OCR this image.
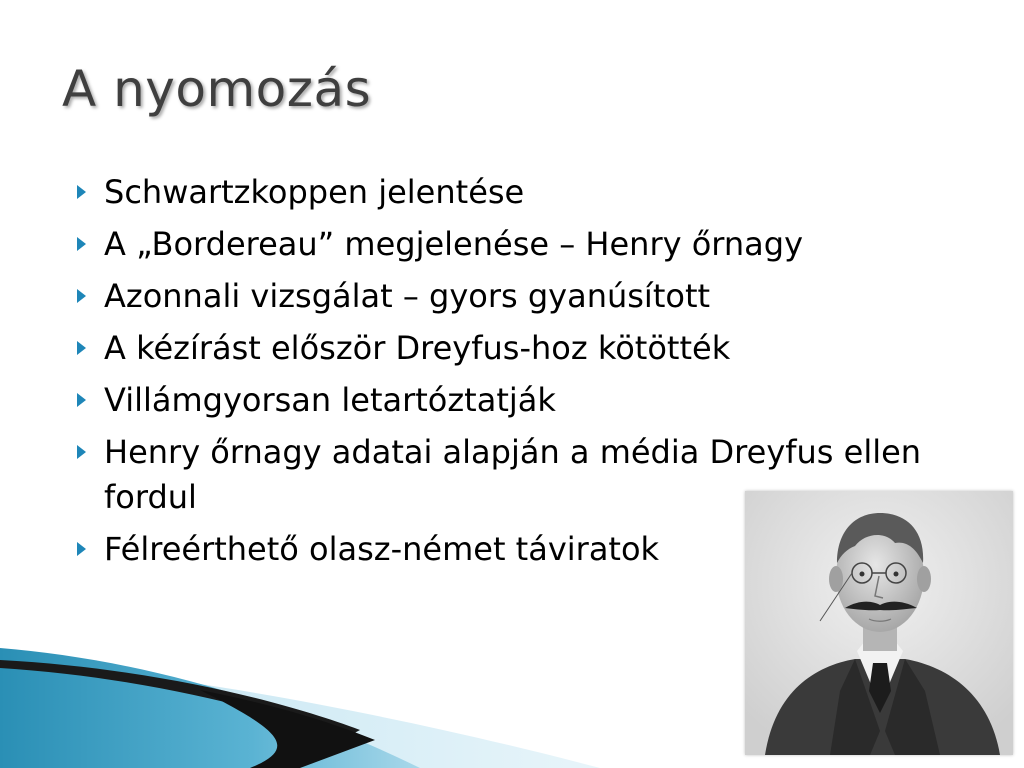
A nyomozás
Schwartzkoppen jelentése
A „Bordereau” megjelenése – Henry őrnagy
Azonnali vizsgálat – gyors gyanúsított
A kézírást először Dreyfus-hoz kötötték
Villámgyorsan letartóztatják
Henry őrnagy adatai alapján a média Dreyfus ellen fordul
Félreérthető olasz-német táviratok
